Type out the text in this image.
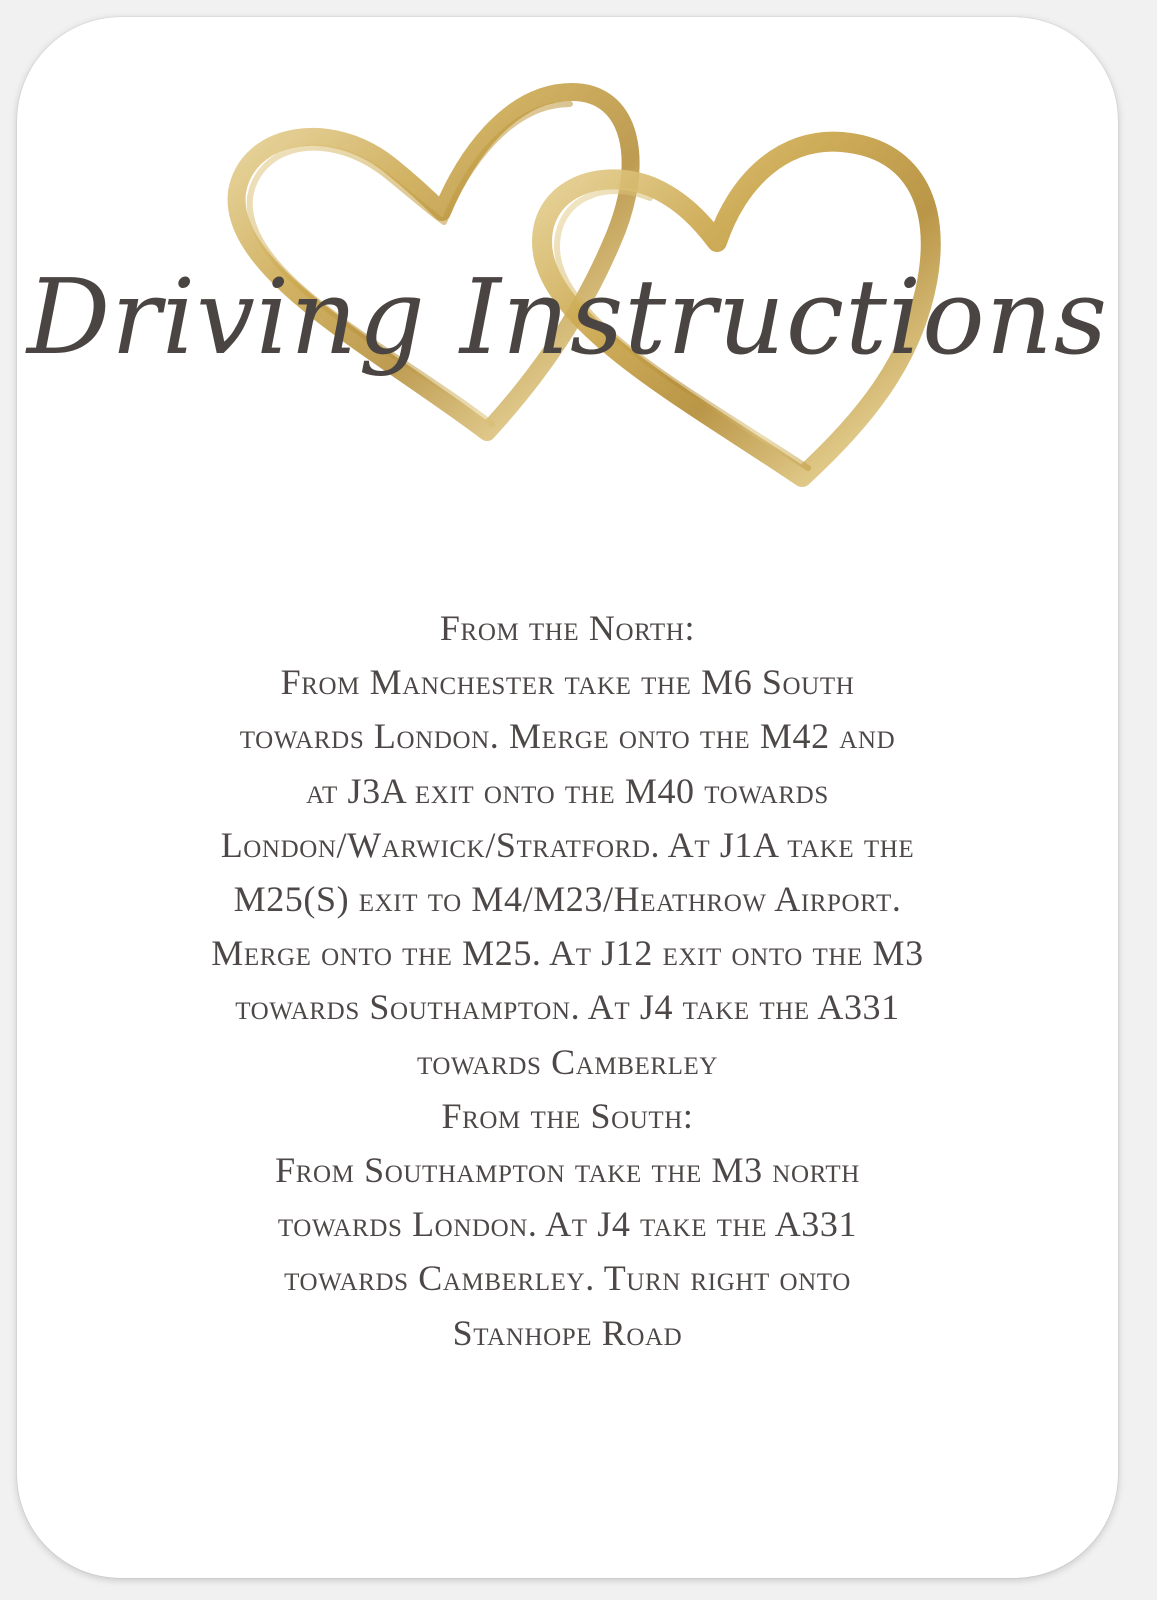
Driving Instructions
From the North:
From Manchester take the M6 South
towards London. Merge onto the M42 and
at J3A exit onto the M40 towards
London/Warwick/Stratford. At J1A take the
M25(S) exit to M4/M23/Heathrow Airport.
Merge onto the M25. At J12 exit onto the M3
towards Southampton. At J4 take the A331
towards Camberley
From the South:
From Southampton take the M3 north
towards London. At J4 take the A331
towards Camberley. Turn right onto
Stanhope Road
